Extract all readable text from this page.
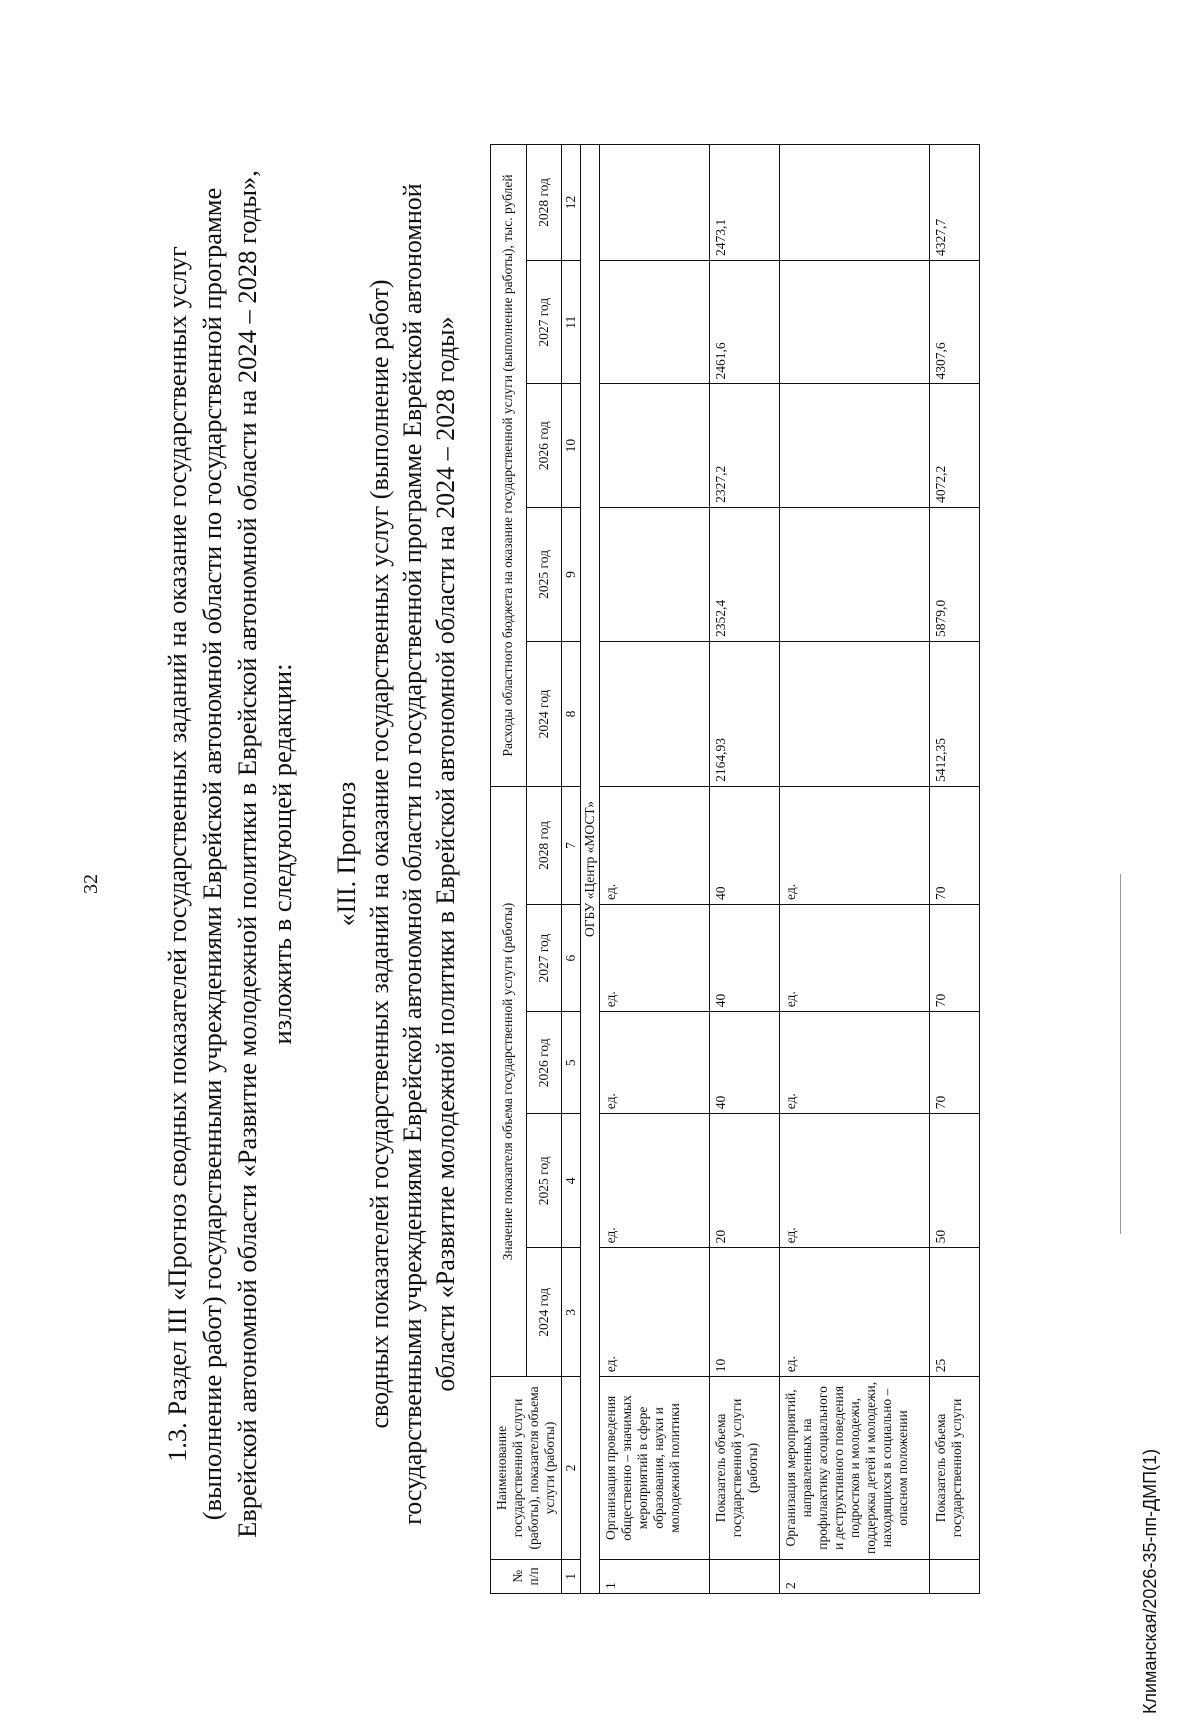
32 1.3. Раздел III «Прогноз сводных показателей государственных заданий на оказание государственных услуг (выполнение работ) государственными учреждениями Еврейской автономной области по государственной программе Еврейской автономной области «Развитие молодежной политики в Еврейской автономной области на 2024 – 2028 годы», изложить в следующей редакции: «III. Прогноз сводных показателей государственных заданий на оказание государственных услуг (выполнение работ) государственными учреждениями Еврейской автономной области по государственной программе Еврейской автономной области «Развитие молодежной политики в Еврейской автономной области на 2024 – 2028 годы»
№ п/п	Наименование государственной услуги (работы), показателя объема услуги (работы)	Значение показателя объема государственной услуги (работы)					Расходы областного бюджета на оказание государственной услуги (выполнение работы), тыс. рублей				
		2024 год	2025 год	2026 год	2027 год	2028 год	2024 год	2025 год	2026 год	2027 год	2028 год
1	2	3	4	5	6	7	8	9	10	11	12
ОГБУ «Центр «МОСТ»											
1	Организация проведения общественно – значимых мероприятий в сфере образования, науки и молодежной политики	ед.	ед.	ед.	ед.	ед.					
	Показатель объема государственной услуги (работы)	10	20	40	40	40	2164,93	2352,4	2327,2	2461,6	2473,1
2	Организация мероприятий, направленных на профилактику асоциального и деструктивного поведения подростков и молодежи, поддержка детей и молодежи, находящихся в социально – опасном положении	ед.	ед.	ед.	ед.	ед.					
	Показатель объема государственной услуги	25	50	70	70	70	5412,35	5879,0	4072,2	4307,6	4327,7
Климанская/2026-35-пп-ДМП(1)
